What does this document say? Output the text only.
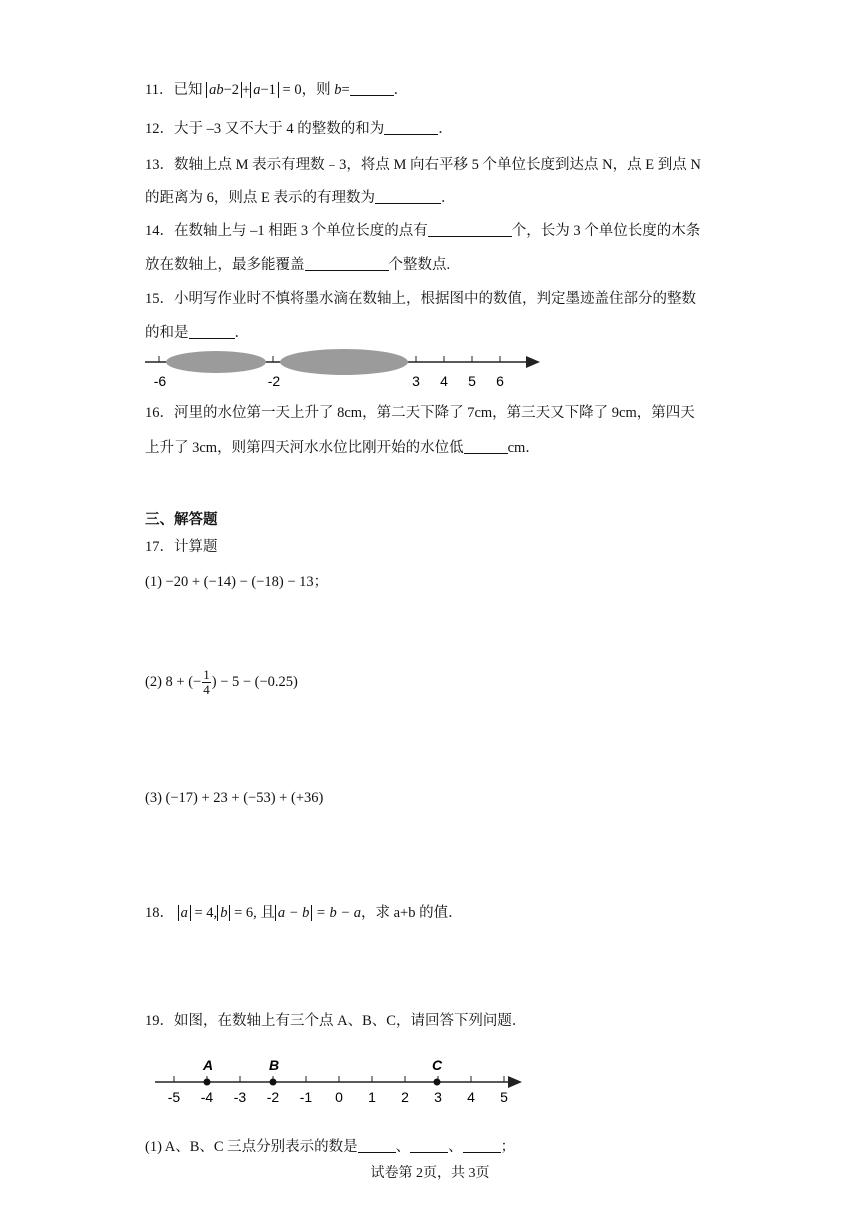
11．已知 ab−2 + a−1 = 0，则 b=	．
12．大于 –3 又不大于 4 的整数的和为	．
13．数轴上点 M 表示有理数﹣3，将点 M 向右平移 5 个单位长度到达点 N，点 E 到点 N
的距离为 6，则点 E 表示的有理数为	．
14．在数轴上与 –1 相距 3 个单位长度的点有	个，长为 3 个单位长度的木条
放在数轴上，最多能覆盖	个整数点.
15．小明写作业时不慎将墨水滴在数轴上，根据图中的数值，判定墨迹盖住部分的整数
的和是	．
-6	-2	3 4 5 6
16．河里的水位第一天上升了 8cm，第二天下降了 7cm，第三天又下降了 9cm，第四天
上升了 3cm，则第四天河水水位比刚开始的水位低	cm．
三、解答题
17．计算题
(1) −20 + (−14) − (−18) − 13；
(2) 8 + (− $\frac{1}{4}$ ) − 5 − (−0.25)
(3) (−17) + 23 + (−53) + (+36)
18． a = 4, b = 6, 且 a − b = b − a，求 a+b 的值．
19．如图，在数轴上有三个点 A、B、C，请回答下列问题．
-5 -4 -3 -2 -1 0 1 2 3 4 5
A	B	C
(1) A、B、C 三点分别表示的数是	、	、	；
试卷第 2页，共 3页
